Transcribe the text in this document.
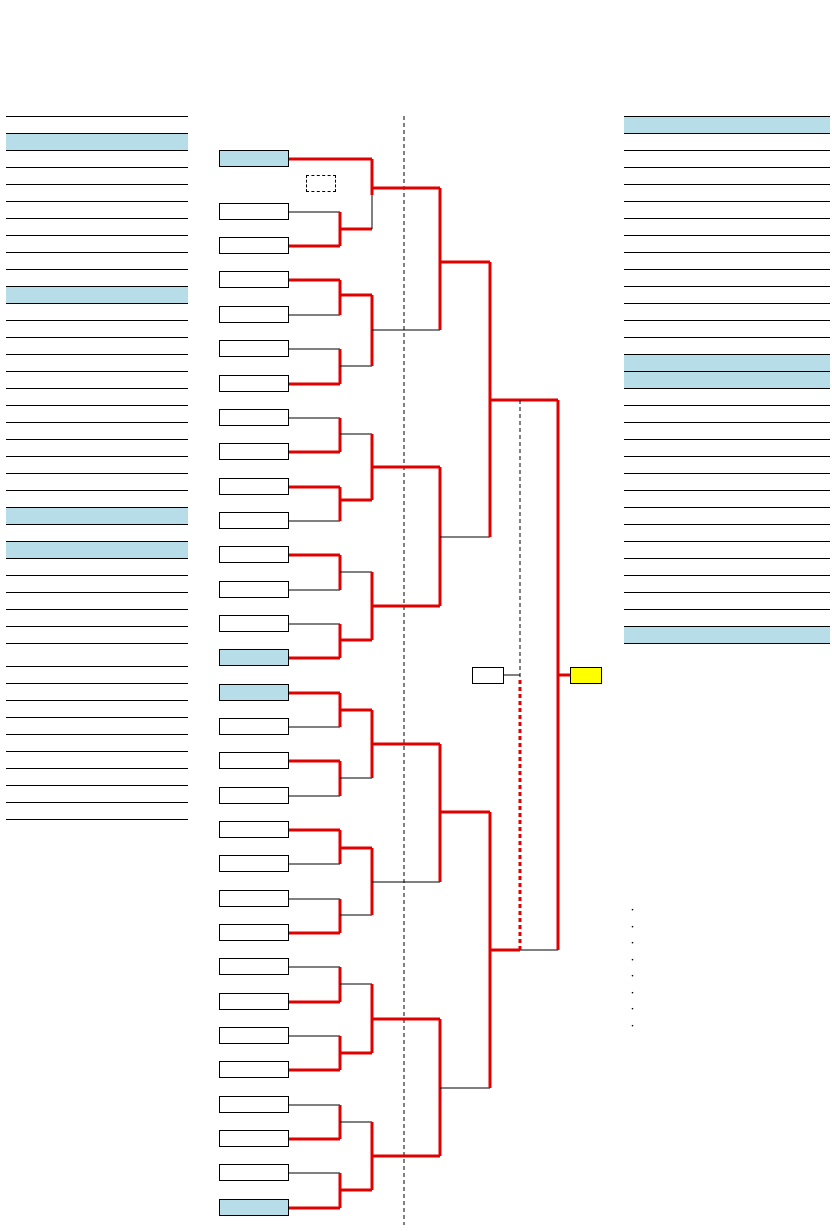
・
・
・
・
・
・
・
・
